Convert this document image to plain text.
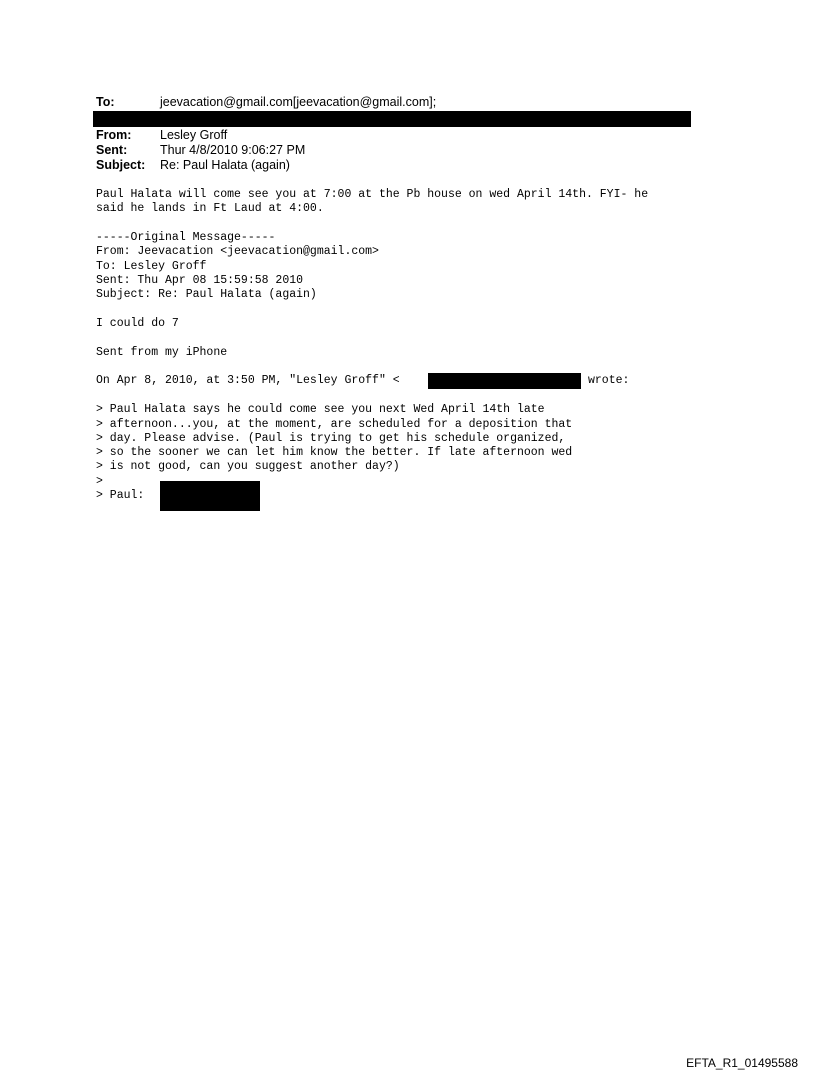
To:	jeevacation@gmail.com[jeevacation@gmail.com];
From: Lesley Groff
Sent:	Thur 4/8/2010 9:06:27 PM
Subject: Re: Paul Halata (again)
Paul Halata will come see you at 7:00 at the Pb house on wed April 14th. FYI- he
said he lands in Ft Laud at 4:00.
-----Original Message-----
From: Jeevacation <jeevacation@gmail.com>
To: Lesley Groff
Sent: Thu Apr 08 15:59:58 2010
Subject: Re: Paul Halata (again)
I could do 7
Sent from my iPhone
On Apr 8, 2010, at 3:50 PM, "Lesley Groff" <	wrote:
> Paul Halata says he could come see you next Wed April 14th late
> afternoon...you, at the moment, are scheduled for a deposition that
> day. Please advise. (Paul is trying to get his schedule organized,
> so the sooner we can let him know the better. If late afternoon wed
> is not good, can you suggest another day?)
>
> Paul:
EFTA_R1_01495588
